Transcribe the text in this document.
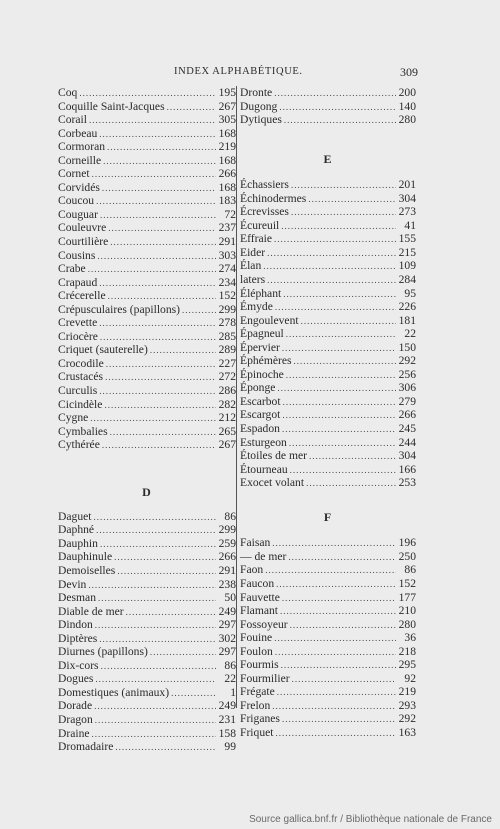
INDEX ALPHABÉTIQUE.	309
Coq .....	195
Coquille Saint-Jacques .....	267
Corail .....	305
Corbeau .....	168
Cormoran .....	219
Corneille .....	168
Cornet .....	266
Corvidés .....	168
Coucou .....	183
Couguar .....	72
Couleuvre .....	237
Courtilière .....	291
Cousins .....	303
Crabe .....	274
Crapaud .....	234
Crécerelle .....	152
Crépusculaires (papillons) .....	299
Crevette .....	278
Criocère .....	285
Criquet (sauterelle) .....	289
Crocodile .....	227
Crustacés .....	272
Curculis .....	286
Cicindèle .....	282
Cygne .....	212
Cymbalies .....	265
Cythérée .....	267
D
Daguet .....	86
Daphné .....	299
Dauphin .....	259
Dauphinule .....	266
Demoiselles .....	291
Devin .....	238
Desman .....	50
Diable de mer .....	249
Dindon .....	297
Diptères .....	302
Diurnes (papillons) .....	297
Dix-cors .....	86
Dogues .....	22
Domestiques (animaux) .....	1
Dorade .....	249
Dragon .....	231
Draine .....	158
Dromadaire .....	99
Dronte .....	200
Dugong .....	140
Dytiques .....	280
E
Échassiers .....	201
Échinodermes .....	304
Écrevisses .....	273
Écureuil .....	41
Effraie .....	155
Eider .....	215
Élan .....	109
laters .....	284
Éléphant .....	95
Émyde .....	226
Engoulevent .....	181
Épagneul .....	22
Épervier .....	150
Éphémères .....	292
Épinoche .....	256
Éponge .....	306
Escarbot .....	279
Escargot .....	266
Espadon .....	245
Esturgeon .....	244
Étoiles de mer .....	304
Étourneau .....	166
Exocet volant .....	253
F
Faisan .....	196
— de mer .....	250
Faon .....	86
Faucon .....	152
Fauvette .....	177
Flamant .....	210
Fossoyeur .....	280
Fouine .....	36
Foulon .....	218
Fourmis .....	295
Fourmilier .....	92
Frégate .....	219
Frelon .....	293
Friganes .....	292
Friquet .....	163
Source gallica.bnf.fr / Bibliothèque nationale de France
